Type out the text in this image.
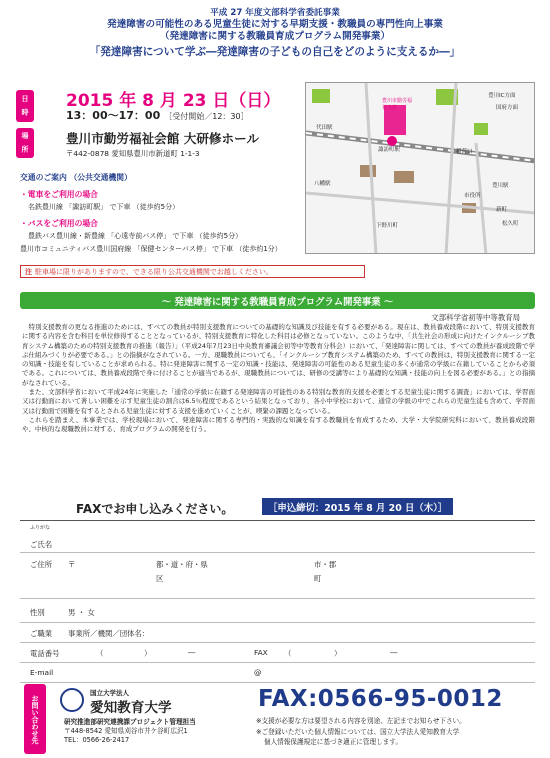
平成 27 年度文部科学省委託事業
発達障害の可能性のある児童生徒に対する早期支援・教職員の専門性向上事業
（発達障害に関する教職員育成プログラム開発事業）
「発達障害について学ぶ―発達障害の子どもの自己をどのように支えるか―」
日 時
場 所
2015 年 8 月 23 日（日）
13：00～17：00 ［受付開始／12：30］
豊川市勤労福祉会館 大研修ホール
〒442-0878 愛知県豊川市新道町 1-1-3
代田駅
諏訪町駅
豊川市勤労福祉会館
豊川IC方面
国府方面
稲荷口
八幡駅	豊川駅
市役所
下野川町
新町
松久町
交通のご案内 （公共交通機関）
・電車をご利用の場合
名鉄豊川線 「諏訪町駅」 で下車 （徒歩約5分）
・バスをご利用の場合
豊鉄バス豊川線・新豊線 「心遠寺前バス停」 で下車 （徒歩約5分）
豊川市コミュニティバス豊川国府線 「保健センターバス停」 で下車 （徒歩約1分）
注 駐車場に限りがありますので、できる限り公共交通機関でお越しください。
～ 発達障害に関する教職員育成プログラム開発事業 ～
文部科学省初等中等教育局

特別支援教育の更なる推進のためには、すべての教員が特別支援教育についての基礎的な知識及び技能を有する必要がある。現在は、教員養成段階において、特別支援教育に関する内容を含む科目を単位修得することとなっているが、特別支援教育に特化した科目は必修となっていない。このような中、「共生社会の形成に向けたインクルーシブ教育システム構築のための特別支援教育の推進（報告）」（平成24年7月23日中央教育審議会初等中等教育分科会）において、「発達障害に関しては、すべての教員が養成段階で学ぶ仕組みづくりが必要である。」との指摘がなされている。一方、現職教員についても、「インクルーシブ教育システム構築のため、すべての教員は、特別支援教育に関する一定の知識・技能を有していることが求められる。特に発達障害に関する一定の知識・技能は、発達障害の可能性のある児童生徒の多くが通常の学級に在籍していることから必須である。これについては、教員養成段階で身に付けることが適当であるが、現職教員については、研修の受講等により基礎的な知識・技能の向上を図る必要がある。」との指摘がなされている。

また、文部科学省において平成24年に実施した「通常の学級に在籍する発達障害の可能性のある特別な教育的支援を必要とする児童生徒に関する調査」においては、学習面又は行動面において著しい困難を示す児童生徒の割合は6.5％程度であるという結果となっており、各小中学校において、通常の学級の中でこれらの児童生徒も含めて、学習面又は行動面で困難を有するとされる児童生徒に対する支援を進めていくことが、喫緊の課題となっている。

これらを踏まえ、本事業では、学校現場において、発達障害に関する専門的・実践的な知識を有する教職員を育成するため、大学・大学院研究科において、教員養成段階や、中核的な現職教員に対する、育成プログラムの開発を行う。

FAXでお申し込みください。	［申込締切：2015 年 8 月 20 日（木）］
ふりがな
ご氏名
ご住所 〒	都・道・府・県	市・郡
区	町
性別	男 ・ 女
ご職業 事業所／機関／団体名：
電話番号	（	）	―	FAX （	）	―
E-mail	@
お問い合わせ先
国立大学法人
愛知教育大学
研究推進部研究連携課プロジェクト管理担当
〒448-8542 愛知県刈谷市井ケ谷町広沢1
TEL：0566-26-2417
FAX:0566-95-0012
※支援が必要な方は要望される内容を別途、左記までお知らせ下さい。
※ご登録いただいた個人情報については、国立大学法人愛知教育大学
個人情報保護規定に基づき適正に管理します。
